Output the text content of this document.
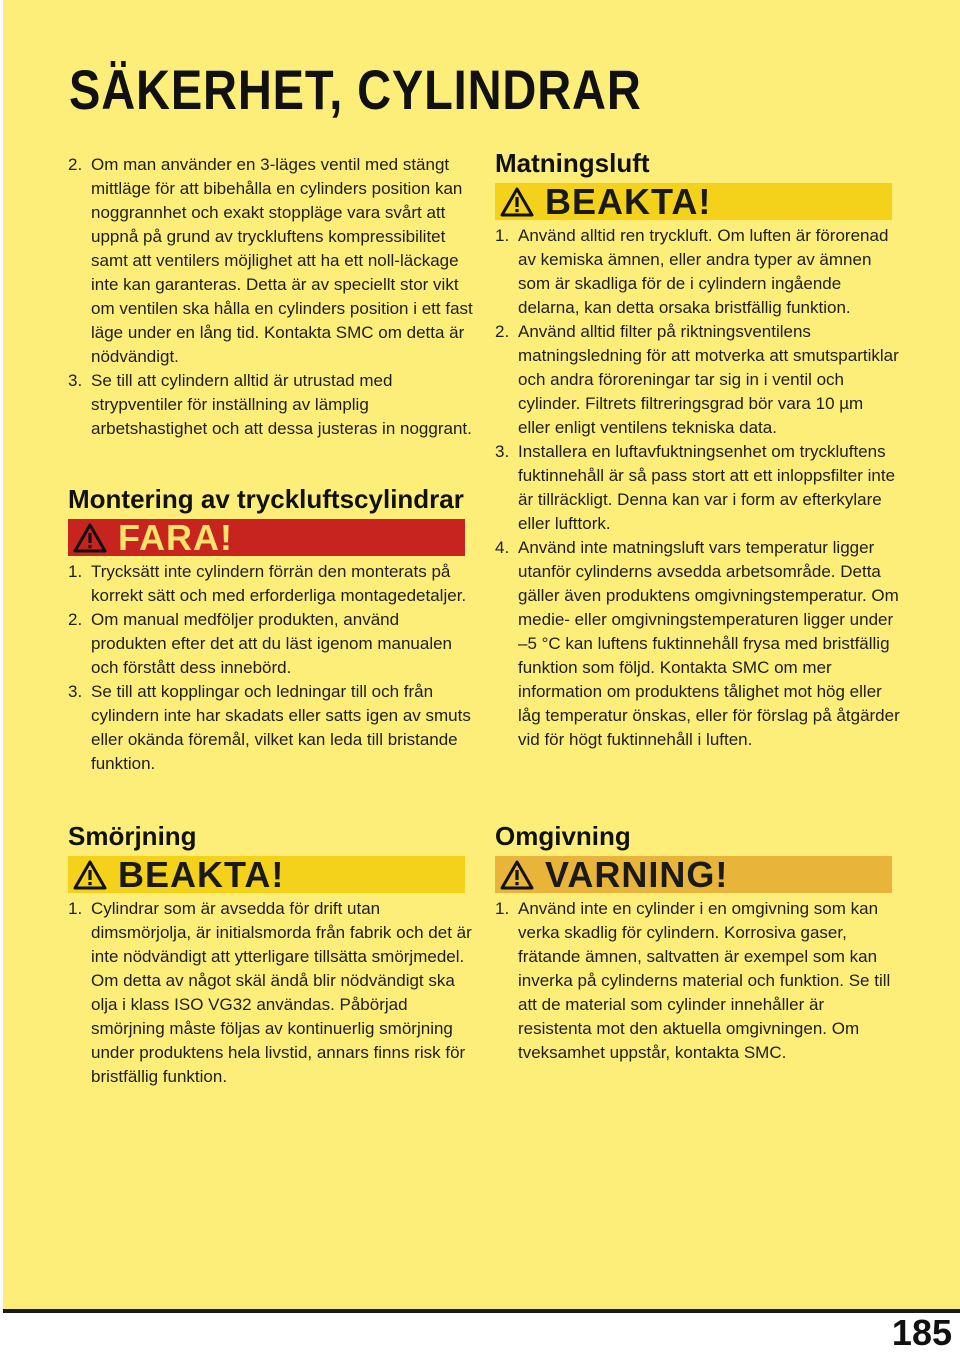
SÄKERHET, CYLINDRAR
2. Om man använder en 3-läges ventil med stängt mittläge för att bibehålla en cylinders position kan noggrannhet och exakt stoppläge vara svårt att uppnå på grund av tryckluftens kompressibilitet samt att ventilers möjlighet att ha ett noll-läckage inte kan garanteras. Detta är av speciellt stor vikt om ventilen ska hålla en cylinders position i ett fast läge under en lång tid. Kontakta SMC om detta är nödvändigt.
3. Se till att cylindern alltid är utrustad med strypventiler för inställning av lämplig arbetshastighet och att dessa justeras in noggrant.
Montering av tryckluftscylindrar
FARA!
1. Trycksätt inte cylindern förrän den monterats på korrekt sätt och med erforderliga montagedetaljer.
2. Om manual medföljer produkten, använd produkten efter det att du läst igenom manualen och förstått dess innebörd.
3. Se till att kopplingar och ledningar till och från cylindern inte har skadats eller satts igen av smuts eller okända föremål, vilket kan leda till bristande funktion.
Smörjning
BEAKTA!
1. Cylindrar som är avsedda för drift utan dimsmörjolja, är initialsmorda från fabrik och det är inte nödvändigt att ytterligare tillsätta smörjmedel. Om detta av något skäl ändå blir nödvändigt ska olja i klass ISO VG32 användas. Påbörjad smörjning måste följas av kontinuerlig smörjning under produktens hela livstid, annars finns risk för bristfällig funktion.
Matningsluft
BEAKTA!
1. Använd alltid ren tryckluft. Om luften är förorenad av kemiska ämnen, eller andra typer av ämnen som är skadliga för de i cylindern ingående delarna, kan detta orsaka bristfällig funktion.
2. Använd alltid filter på riktningsventilens matningsledning för att motverka att smutspartiklar och andra föroreningar tar sig in i ventil och cylinder. Filtrets filtreringsgrad bör vara 10 µm eller enligt ventilens tekniska data.
3. Installera en luftavfuktningsenhet om tryckluftens fuktinnehåll är så pass stort att ett inloppsfilter inte är tillräckligt. Denna kan var i form av efterkylare eller lufttork.
4. Använd inte matningsluft vars temperatur ligger utanför cylinderns avsedda arbetsområde. Detta gäller även produktens omgivningstemperatur. Om medie- eller omgivningstemperaturen ligger under –5 °C kan luftens fuktinnehåll frysa med bristfällig funktion som följd. Kontakta SMC om mer information om produktens tålighet mot hög eller låg temperatur önskas, eller för förslag på åtgärder vid för högt fuktinnehåll i luften.
Omgivning
VARNING!
1. Använd inte en cylinder i en omgivning som kan verka skadlig för cylindern. Korrosiva gaser, frätande ämnen, saltvatten är exempel som kan inverka på cylinderns material och funktion. Se till att de material som cylinder innehåller är resistenta mot den aktuella omgivningen. Om tveksamhet uppstår, kontakta SMC.
185
